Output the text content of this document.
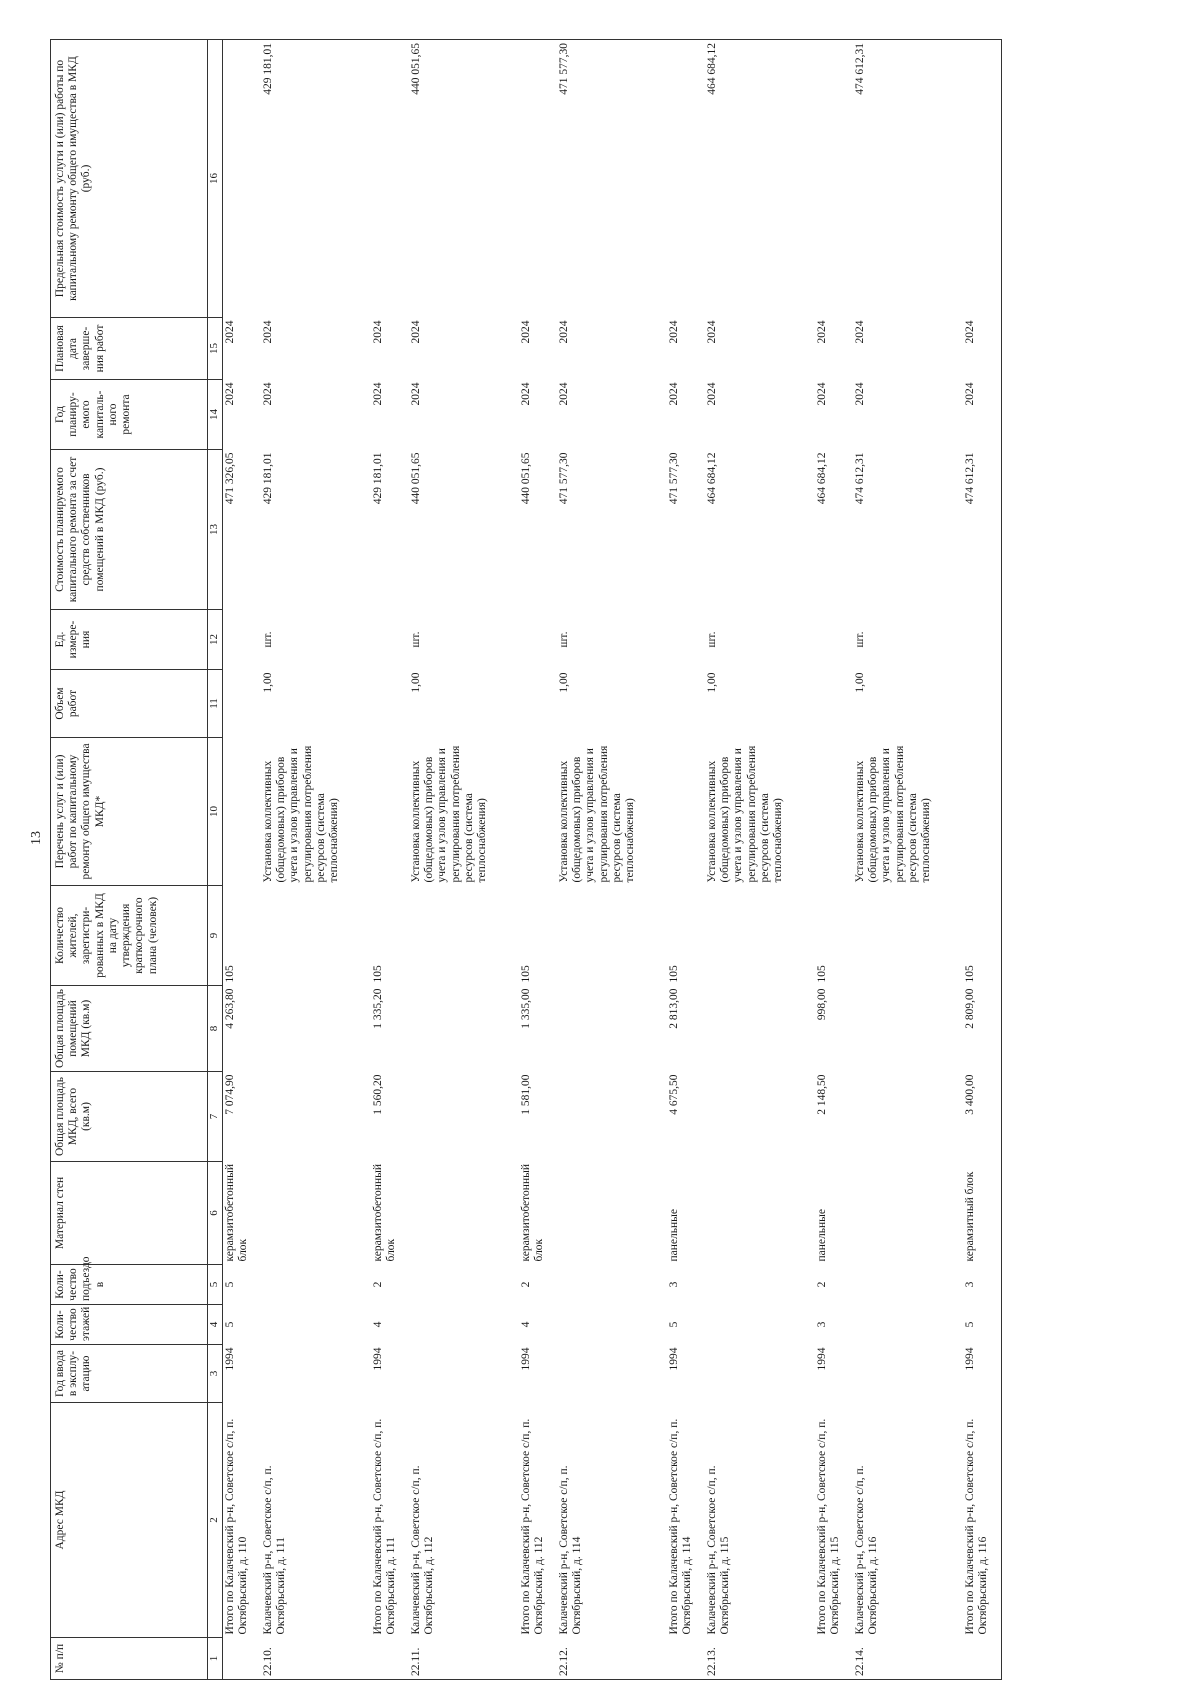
13
№ п/п	Адрес МКД	Год ввода в эксплу- атацию	Коли- чество этажей	Коли- чество подъездо в	Материал стен	Общая площадь МКД, всего (кв.м)	Общая площадь помещений МКД (кв.м)	Количество жителей, зарегистри- рованных в МКД на дату утверждения краткосрочного плана (человек)	Перечень услуг и (или) работ по капитальному ремонту общего имущества МКД*	Объем работ	Ед. измере- ния	Стоимость планируемого капитального ремонта за счет средств собственников помещений в МКД (руб.)	Год планиру- емого капиталь- ного ремонта	Плановая дата заверше- ния работ	Предельная стоимость услуги и (или) работы по капитальному ремонту общего имущества в МКД (руб.)
1	2	3	4	5	6	7	8	9	10	11	12	13	14	15	16
	Итого по Калачевский р-н, Советское с/п, п. Октябрьский, д. 110	1994	5	5	керамзитобетонный блок	7 074,90	4 263,80	105				471 326,05	2024	2024	
22.10.	Калачевский р-н, Советское с/п, п. Октябрьский, д. 111								Установка коллективных (общедомовых) приборов учета и узлов управления и регулирования потребления ресурсов (система теплоснабжения)	1,00	шт.	429 181,01	2024	2024	429 181,01
	Итого по Калачевский р-н, Советское с/п, п. Октябрьский, д. 111	1994	4	2	керамзитобетонный блок	1 560,20	1 335,20	105				429 181,01	2024	2024	
22.11.	Калачевский р-н, Советское с/п, п. Октябрьский, д. 112								Установка коллективных (общедомовых) приборов учета и узлов управления и регулирования потребления ресурсов (система теплоснабжения)	1,00	шт.	440 051,65	2024	2024	440 051,65
	Итого по Калачевский р-н, Советское с/п, п. Октябрьский, д. 112	1994	4	2	керамзитобетонный блок	1 581,00	1 335,00	105				440 051,65	2024	2024	
22.12.	Калачевский р-н, Советское с/п, п. Октябрьский, д. 114								Установка коллективных (общедомовых) приборов учета и узлов управления и регулирования потребления ресурсов (система теплоснабжения)	1,00	шт.	471 577,30	2024	2024	471 577,30
	Итого по Калачевский р-н, Советское с/п, п. Октябрьский, д. 114	1994	5	3	панельные	4 675,50	2 813,00	105				471 577,30	2024	2024	
22.13.	Калачевский р-н, Советское с/п, п. Октябрьский, д. 115								Установка коллективных (общедомовых) приборов учета и узлов управления и регулирования потребления ресурсов (система теплоснабжения)	1,00	шт.	464 684,12	2024	2024	464 684,12
	Итого по Калачевский р-н, Советское с/п, п. Октябрьский, д. 115	1994	3	2	панельные	2 148,50	998,00	105				464 684,12	2024	2024	
22.14.	Калачевский р-н, Советское с/п, п. Октябрьский, д. 116								Установка коллективных (общедомовых) приборов учета и узлов управления и регулирования потребления ресурсов (система теплоснабжения)	1,00	шт.	474 612,31	2024	2024	474 612,31
	Итого по Калачевский р-н, Советское с/п, п. Октябрьский, д. 116	1994	5	3	керамзитный блок	3 400,00	2 809,00	105				474 612,31	2024	2024	
